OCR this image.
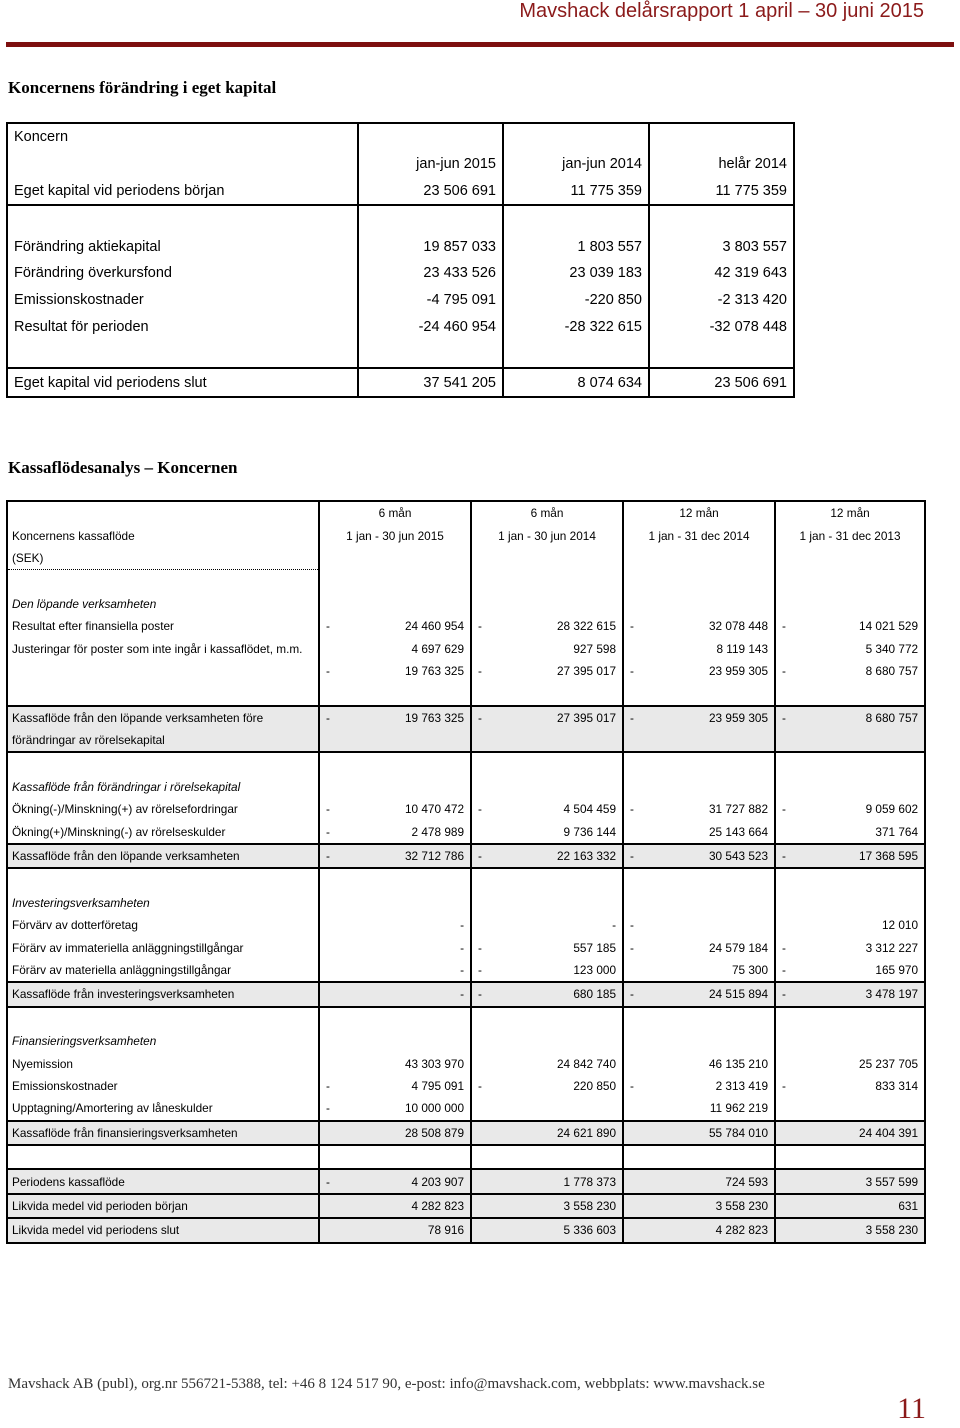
Mavshack delårsrapport 1 april – 30 juni 2015
Koncernens förändring i eget kapital
Koncern			
	jan-jun 2015	jan-jun 2014	helår 2014
Eget kapital vid periodens början	23 506 691	11 775 359	11 775 359

Förändring aktiekapital	19 857 033	1 803 557	3 803 557
Förändring överkursfond	23 433 526	23 039 183	42 319 643
Emissionskostnader	-4 795 091	-220 850	-2 313 420
Resultat för perioden	-24 460 954	-28 322 615	-32 078 448

Eget kapital vid periodens slut	37 541 205	8 074 634	23 506 691
Kassaflödesanalys – Koncernen
	6 mån		6 mån		12 mån		12 mån	
Koncernens kassaflöde	1 jan - 30 jun 2015		1 jan - 30 jun 2014		1 jan - 31 dec 2014		1 jan - 31 dec 2013	
(SEK)								

Den löpande verksamheten								
Resultat efter finansiella poster	-	24 460 954	-	28 322 615	-	32 078 448	-	14 021 529
Justeringar för poster som inte ingår i kassaflödet, m.m.		4 697 629		927 598		8 119 143		5 340 772
	-	19 763 325	-	27 395 017	-	23 959 305	-	8 680 757

Kassaflöde från den löpande verksamheten före förändringar av rörelsekapital	-	19 763 325	-	27 395 017	-	23 959 305	-	8 680 757

Kassaflöde från förändringar i rörelsekapital								
Ökning(-)/Minskning(+) av rörelsefordringar	-	10 470 472	-	4 504 459	-	31 727 882	-	9 059 602
Ökning(+)/Minskning(-) av rörelseskulder	-	2 478 989		9 736 144		25 143 664		371 764
Kassaflöde från den löpande verksamheten	-	32 712 786	-	22 163 332	-	30 543 523	-	17 368 595

Investeringsverksamheten								
Förvärv av dotterföretag		-		-	-			12 010
Förärv av immateriella anläggningstillgångar		-	-	557 185	-	24 579 184	-	3 312 227
Förärv av materiella anläggningstillgångar		-	-	123 000		75 300	-	165 970
Kassaflöde från investeringsverksamheten		-	-	680 185	-	24 515 894	-	3 478 197

Finansieringsverksamheten								
Nyemission		43 303 970		24 842 740		46 135 210		25 237 705
Emissionskostnader	-	4 795 091	-	220 850	-	2 313 419	-	833 314
Upptagning/Amortering av låneskulder	-	10 000 000				11 962 219		
Kassaflöde från finansieringsverksamheten		28 508 879		24 621 890		55 784 010		24 404 391

Periodens kassaflöde	-	4 203 907		1 778 373		724 593		3 557 599
Likvida medel vid perioden början		4 282 823		3 558 230		3 558 230		631
Likvida medel vid periodens slut		78 916		5 336 603		4 282 823		3 558 230
Mavshack AB (publ), org.nr 556721-5388, tel: +46 8 124 517 90, e-post: info@mavshack.com, webbplats: www.mavshack.se
11
